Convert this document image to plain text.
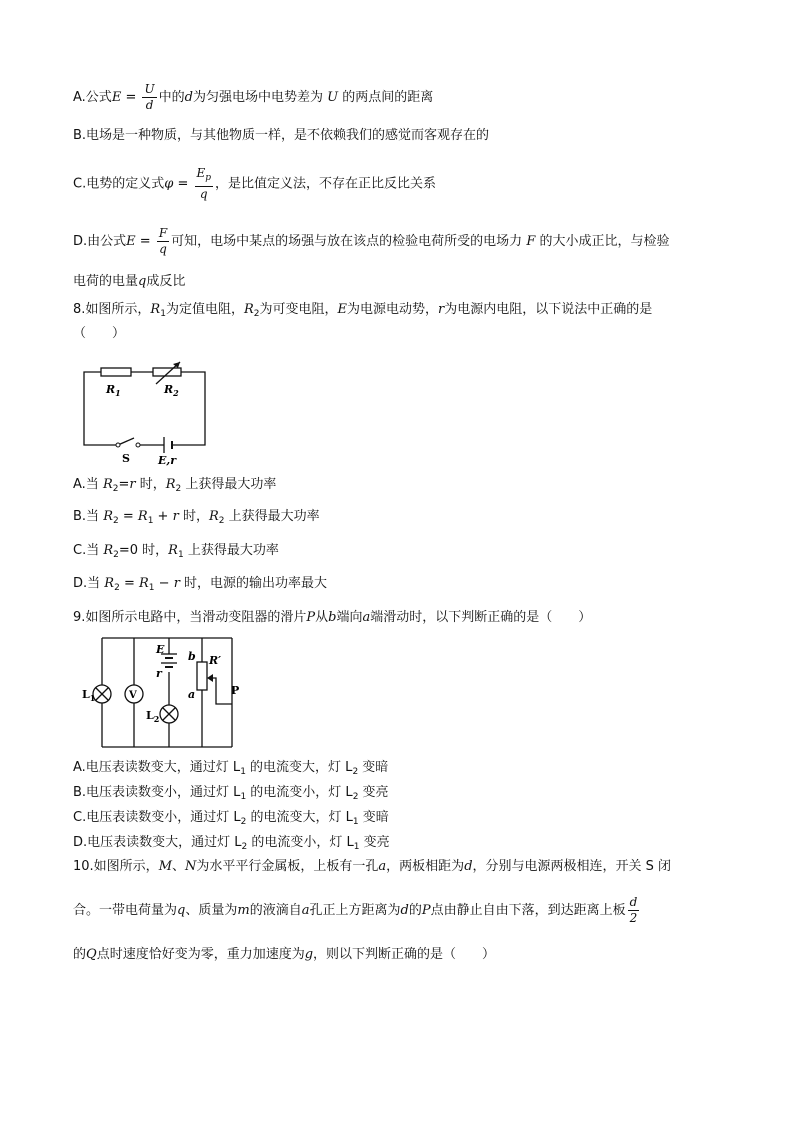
A.公式$E = \frac{U}{d}$ 中的d为匀强电场中电势差为 U 的两点间的距离
B.电场是一种物质，与其他物质一样，是不依赖我们的感觉而客观存在的
C.电势的定义式$\varphi = \frac{E_p}{q}$ ，是比值定义法，不存在正比反比关系
D.由公式$E = \frac{F}{q}$ 可知，电场中某点的场强与放在该点的检验电荷所受的电场力 F 的大小成正比，与检验
电荷的电量q成反比
8.如图所示，$R_1$为定值电阻，$R_2$为可变电阻，E为电源电动势，r为电源内电阻，以下说法中正确的是
（　　）
$R_1$	$R_2$
S	E,r
A.当 $R_2=r$ 时，$R_2$ 上获得最大功率
B.当 $R_2 = R_1 + r$ 时，$R_2$ 上获得最大功率
C.当 $R_2=0$ 时，$R_1$ 上获得最大功率
D.当 $R_2 = R_1 - r$ 时，电源的输出功率最大
9.如图所示电路中，当滑动变阻器的滑片P从b端向a端滑动时，以下判断正确的是（　　）
$L_1$	V
E
r
$L_2$
b
a
R′
P
A.电压表读数变大，通过灯 $L_1$ 的电流变大，灯 $L_2$ 变暗
B.电压表读数变小，通过灯 $L_1$ 的电流变小，灯 $L_2$ 变亮
C.电压表读数变小，通过灯 $L_2$ 的电流变大，灯 $L_1$ 变暗
D.电压表读数变大，通过灯 $L_2$ 的电流变小，灯 $L_1$ 变亮
10.如图所示，M、N为水平平行金属板，上板有一孔a，两板相距为d，分别与电源两极相连，开关 S 闭
合。一带电荷量为q、质量为m的液滴自a孔正上方距离为d的P点由静止自由下落，到达距离上板 $\frac{d}{2}$
的Q点时速度恰好变为零，重力加速度为g，则以下判断正确的是（　　）
